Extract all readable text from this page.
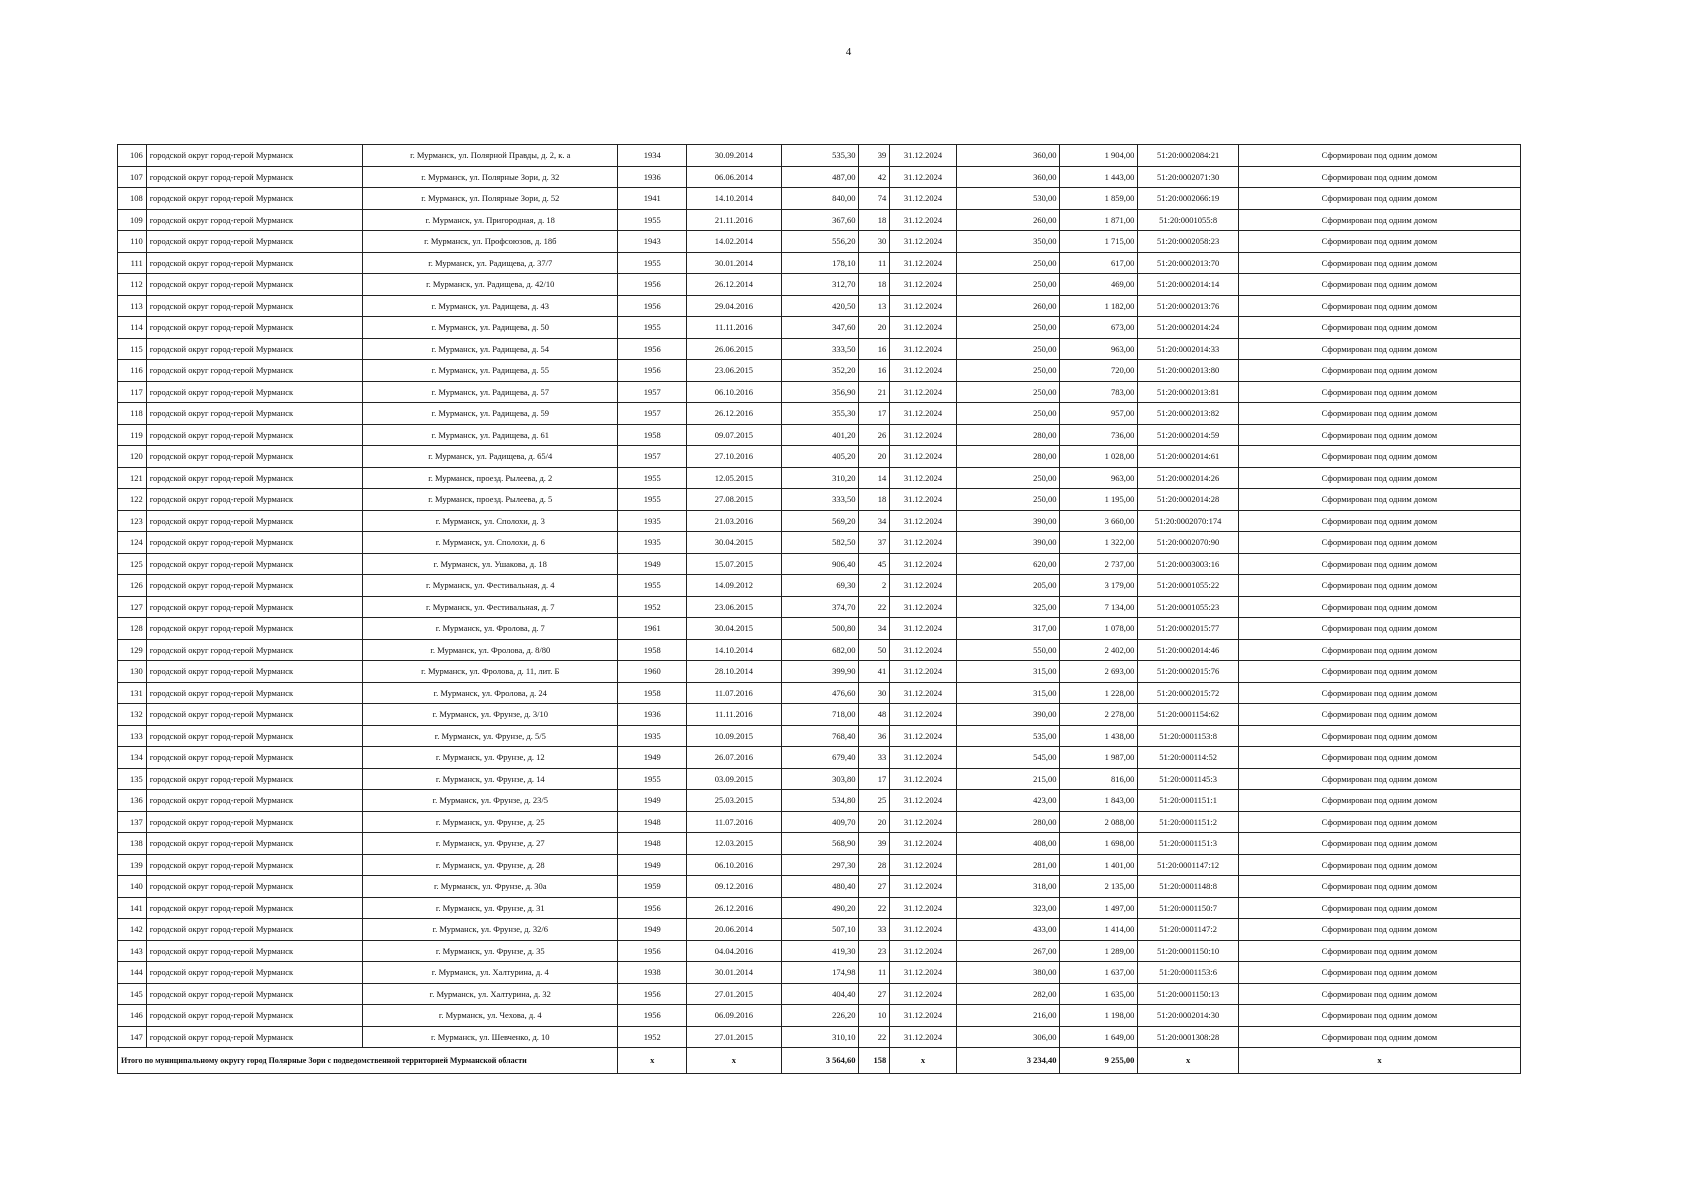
4
106	городской округ город-герой Мурманск	г. Мурманск, ул. Полярной Правды, д. 2, к. а	1934	30.09.2014	535,30	39	31.12.2024	360,00	1 904,00	51:20:0002084:21	Сформирован под одним домом
107	городской округ город-герой Мурманск	г. Мурманск, ул. Полярные Зори, д. 32	1936	06.06.2014	487,00	42	31.12.2024	360,00	1 443,00	51:20:0002071:30	Сформирован под одним домом
108	городской округ город-герой Мурманск	г. Мурманск, ул. Полярные Зори, д. 52	1941	14.10.2014	840,00	74	31.12.2024	530,00	1 859,00	51:20:0002066:19	Сформирован под одним домом
109	городской округ город-герой Мурманск	г. Мурманск, ул. Пригородная, д. 18	1955	21.11.2016	367,60	18	31.12.2024	260,00	1 871,00	51:20:0001055:8	Сформирован под одним домом
110	городской округ город-герой Мурманск	г. Мурманск, ул. Профсоюзов, д. 18б	1943	14.02.2014	556,20	30	31.12.2024	350,00	1 715,00	51:20:0002058:23	Сформирован под одним домом
111	городской округ город-герой Мурманск	г. Мурманск, ул. Радищева, д. 37/7	1955	30.01.2014	178,10	11	31.12.2024	250,00	617,00	51:20:0002013:70	Сформирован под одним домом
112	городской округ город-герой Мурманск	г. Мурманск, ул. Радищева, д. 42/10	1956	26.12.2014	312,70	18	31.12.2024	250,00	469,00	51:20:0002014:14	Сформирован под одним домом
113	городской округ город-герой Мурманск	г. Мурманск, ул. Радищева, д. 43	1956	29.04.2016	420,50	13	31.12.2024	260,00	1 182,00	51:20:0002013:76	Сформирован под одним домом
114	городской округ город-герой Мурманск	г. Мурманск, ул. Радищева, д. 50	1955	11.11.2016	347,60	20	31.12.2024	250,00	673,00	51:20:0002014:24	Сформирован под одним домом
115	городской округ город-герой Мурманск	г. Мурманск, ул. Радищева, д. 54	1956	26.06.2015	333,50	16	31.12.2024	250,00	963,00	51:20:0002014:33	Сформирован под одним домом
116	городской округ город-герой Мурманск	г. Мурманск, ул. Радищева, д. 55	1956	23.06.2015	352,20	16	31.12.2024	250,00	720,00	51:20:0002013:80	Сформирован под одним домом
117	городской округ город-герой Мурманск	г. Мурманск, ул. Радищева, д. 57	1957	06.10.2016	356,90	21	31.12.2024	250,00	783,00	51:20:0002013:81	Сформирован под одним домом
118	городской округ город-герой Мурманск	г. Мурманск, ул. Радищева, д. 59	1957	26.12.2016	355,30	17	31.12.2024	250,00	957,00	51:20:0002013:82	Сформирован под одним домом
119	городской округ город-герой Мурманск	г. Мурманск, ул. Радищева, д. 61	1958	09.07.2015	401,20	26	31.12.2024	280,00	736,00	51:20:0002014:59	Сформирован под одним домом
120	городской округ город-герой Мурманск	г. Мурманск, ул. Радищева, д. 65/4	1957	27.10.2016	405,20	20	31.12.2024	280,00	1 028,00	51:20:0002014:61	Сформирован под одним домом
121	городской округ город-герой Мурманск	г. Мурманск, проезд. Рылеева, д. 2	1955	12.05.2015	310,20	14	31.12.2024	250,00	963,00	51:20:0002014:26	Сформирован под одним домом
122	городской округ город-герой Мурманск	г. Мурманск, проезд. Рылеева, д. 5	1955	27.08.2015	333,50	18	31.12.2024	250,00	1 195,00	51:20:0002014:28	Сформирован под одним домом
123	городской округ город-герой Мурманск	г. Мурманск, ул. Сполохи, д. 3	1935	21.03.2016	569,20	34	31.12.2024	390,00	3 660,00	51:20:0002070:174	Сформирован под одним домом
124	городской округ город-герой Мурманск	г. Мурманск, ул. Сполохи, д. 6	1935	30.04.2015	582,50	37	31.12.2024	390,00	1 322,00	51:20:0002070:90	Сформирован под одним домом
125	городской округ город-герой Мурманск	г. Мурманск, ул. Ушакова, д. 18	1949	15.07.2015	906,40	45	31.12.2024	620,00	2 737,00	51:20:0003003:16	Сформирован под одним домом
126	городской округ город-герой Мурманск	г. Мурманск, ул. Фестивальная, д. 4	1955	14.09.2012	69,30	2	31.12.2024	205,00	3 179,00	51:20:0001055:22	Сформирован под одним домом
127	городской округ город-герой Мурманск	г. Мурманск, ул. Фестивальная, д. 7	1952	23.06.2015	374,70	22	31.12.2024	325,00	7 134,00	51:20:0001055:23	Сформирован под одним домом
128	городской округ город-герой Мурманск	г. Мурманск, ул. Фролова, д. 7	1961	30.04.2015	500,80	34	31.12.2024	317,00	1 078,00	51:20:0002015:77	Сформирован под одним домом
129	городской округ город-герой Мурманск	г. Мурманск, ул. Фролова, д. 8/80	1958	14.10.2014	682,00	50	31.12.2024	550,00	2 402,00	51:20:0002014:46	Сформирован под одним домом
130	городской округ город-герой Мурманск	г. Мурманск, ул. Фролова, д. 11, лит. Б	1960	28.10.2014	399,90	41	31.12.2024	315,00	2 693,00	51:20:0002015:76	Сформирован под одним домом
131	городской округ город-герой Мурманск	г. Мурманск, ул. Фролова, д. 24	1958	11.07.2016	476,60	30	31.12.2024	315,00	1 228,00	51:20:0002015:72	Сформирован под одним домом
132	городской округ город-герой Мурманск	г. Мурманск, ул. Фрунзе, д. 3/10	1936	11.11.2016	718,00	48	31.12.2024	390,00	2 278,00	51:20:0001154:62	Сформирован под одним домом
133	городской округ город-герой Мурманск	г. Мурманск, ул. Фрунзе, д. 5/5	1935	10.09.2015	768,40	36	31.12.2024	535,00	1 438,00	51:20:0001153:8	Сформирован под одним домом
134	городской округ город-герой Мурманск	г. Мурманск, ул. Фрунзе, д. 12	1949	26.07.2016	679,40	33	31.12.2024	545,00	1 987,00	51:20:000114:52	Сформирован под одним домом
135	городской округ город-герой Мурманск	г. Мурманск, ул. Фрунзе, д. 14	1955	03.09.2015	303,80	17	31.12.2024	215,00	816,00	51:20:0001145:3	Сформирован под одним домом
136	городской округ город-герой Мурманск	г. Мурманск, ул. Фрунзе, д. 23/5	1949	25.03.2015	534,80	25	31.12.2024	423,00	1 843,00	51:20:0001151:1	Сформирован под одним домом
137	городской округ город-герой Мурманск	г. Мурманск, ул. Фрунзе, д. 25	1948	11.07.2016	409,70	20	31.12.2024	280,00	2 088,00	51:20:0001151:2	Сформирован под одним домом
138	городской округ город-герой Мурманск	г. Мурманск, ул. Фрунзе, д. 27	1948	12.03.2015	568,90	39	31.12.2024	408,00	1 698,00	51:20:0001151:3	Сформирован под одним домом
139	городской округ город-герой Мурманск	г. Мурманск, ул. Фрунзе, д. 28	1949	06.10.2016	297,30	28	31.12.2024	281,00	1 401,00	51:20:0001147:12	Сформирован под одним домом
140	городской округ город-герой Мурманск	г. Мурманск, ул. Фрунзе, д. 30а	1959	09.12.2016	480,40	27	31.12.2024	318,00	2 135,00	51:20:0001148:8	Сформирован под одним домом
141	городской округ город-герой Мурманск	г. Мурманск, ул. Фрунзе, д. 31	1956	26.12.2016	490,20	22	31.12.2024	323,00	1 497,00	51:20:0001150:7	Сформирован под одним домом
142	городской округ город-герой Мурманск	г. Мурманск, ул. Фрунзе, д. 32/6	1949	20.06.2014	507,10	33	31.12.2024	433,00	1 414,00	51:20:0001147:2	Сформирован под одним домом
143	городской округ город-герой Мурманск	г. Мурманск, ул. Фрунзе, д. 35	1956	04.04.2016	419,30	23	31.12.2024	267,00	1 289,00	51:20:0001150:10	Сформирован под одним домом
144	городской округ город-герой Мурманск	г. Мурманск, ул. Халтурина, д. 4	1938	30.01.2014	174,98	11	31.12.2024	380,00	1 637,00	51:20:0001153:6	Сформирован под одним домом
145	городской округ город-герой Мурманск	г. Мурманск, ул. Халтурина, д. 32	1956	27.01.2015	404,40	27	31.12.2024	282,00	1 635,00	51:20:0001150:13	Сформирован под одним домом
146	городской округ город-герой Мурманск	г. Мурманск, ул. Чехова, д. 4	1956	06.09.2016	226,20	10	31.12.2024	216,00	1 198,00	51:20:0002014:30	Сформирован под одним домом
147	городской округ город-герой Мурманск	г. Мурманск, ул. Шевченко, д. 10	1952	27.01.2015	310,10	22	31.12.2024	306,00	1 649,00	51:20:0001308:28	Сформирован под одним домом
Итого по муниципальному округу город Полярные Зори с подведомственной территорией Мурманской области			х	х	3 564,60	158	х	3 234,40	9 255,00	х	х
